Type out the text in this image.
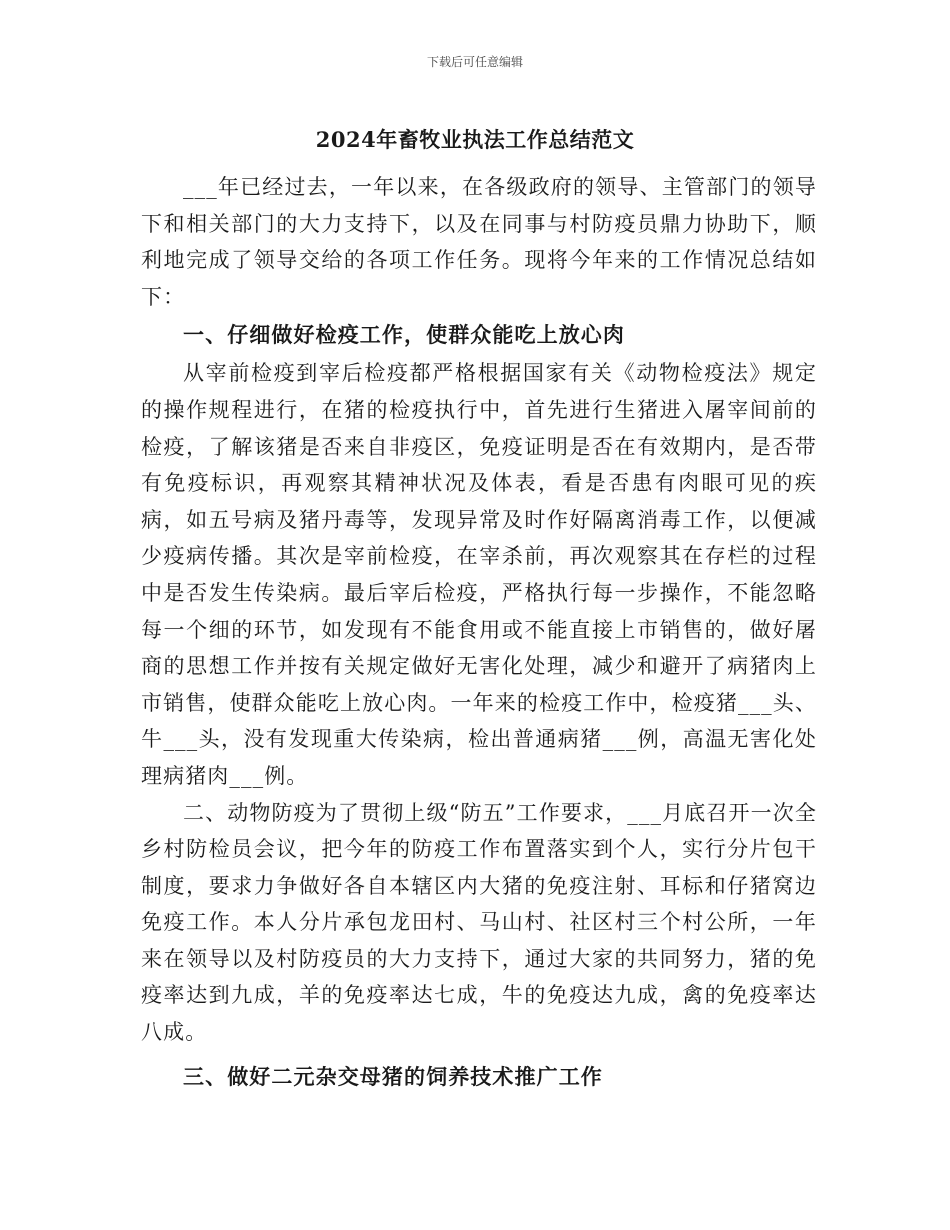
下载后可任意编辑
2024年畜牧业执法工作总结范文

___年已经过去，一年以来，在各级政府的领导、主管部门的领导下和相关部门的大力支持下，以及在同事与村防疫员鼎力协助下，顺利地完成了领导交给的各项工作任务。现将今年来的工作情况总结如下：

一、仔细做好检疫工作，使群众能吃上放心肉

从宰前检疫到宰后检疫都严格根据国家有关《动物检疫法》规定的操作规程进行，在猪的检疫执行中，首先进行生猪进入屠宰间前的检疫，了解该猪是否来自非疫区，免疫证明是否在有效期内，是否带有免疫标识，再观察其精神状况及体表，看是否患有肉眼可见的疾病，如五号病及猪丹毒等，发现异常及时作好隔离消毒工作，以便减少疫病传播。其次是宰前检疫，在宰杀前，再次观察其在存栏的过程中是否发生传染病。最后宰后检疫，严格执行每一步操作，不能忽略每一个细的环节，如发现有不能食用或不能直接上市销售的，做好屠商的思想工作并按有关规定做好无害化处理，减少和避开了病猪肉上市销售，使群众能吃上放心肉。一年来的检疫工作中，检疫猪___头、牛___头，没有发现重大传染病，检出普通病猪___例，高温无害化处理病猪肉___例。

二、动物防疫为了贯彻上级“防五”工作要求，___月底召开一次全乡村防检员会议，把今年的防疫工作布置落实到个人，实行分片包干制度，要求力争做好各自本辖区内大猪的免疫注射、耳标和仔猪窝边免疫工作。本人分片承包龙田村、马山村、社区村三个村公所，一年来在领导以及村防疫员的大力支持下，通过大家的共同努力，猪的免疫率达到九成，羊的免疫率达七成，牛的免疫达九成，禽的免疫率达八成。

三、做好二元杂交母猪的饲养技术推广工作
